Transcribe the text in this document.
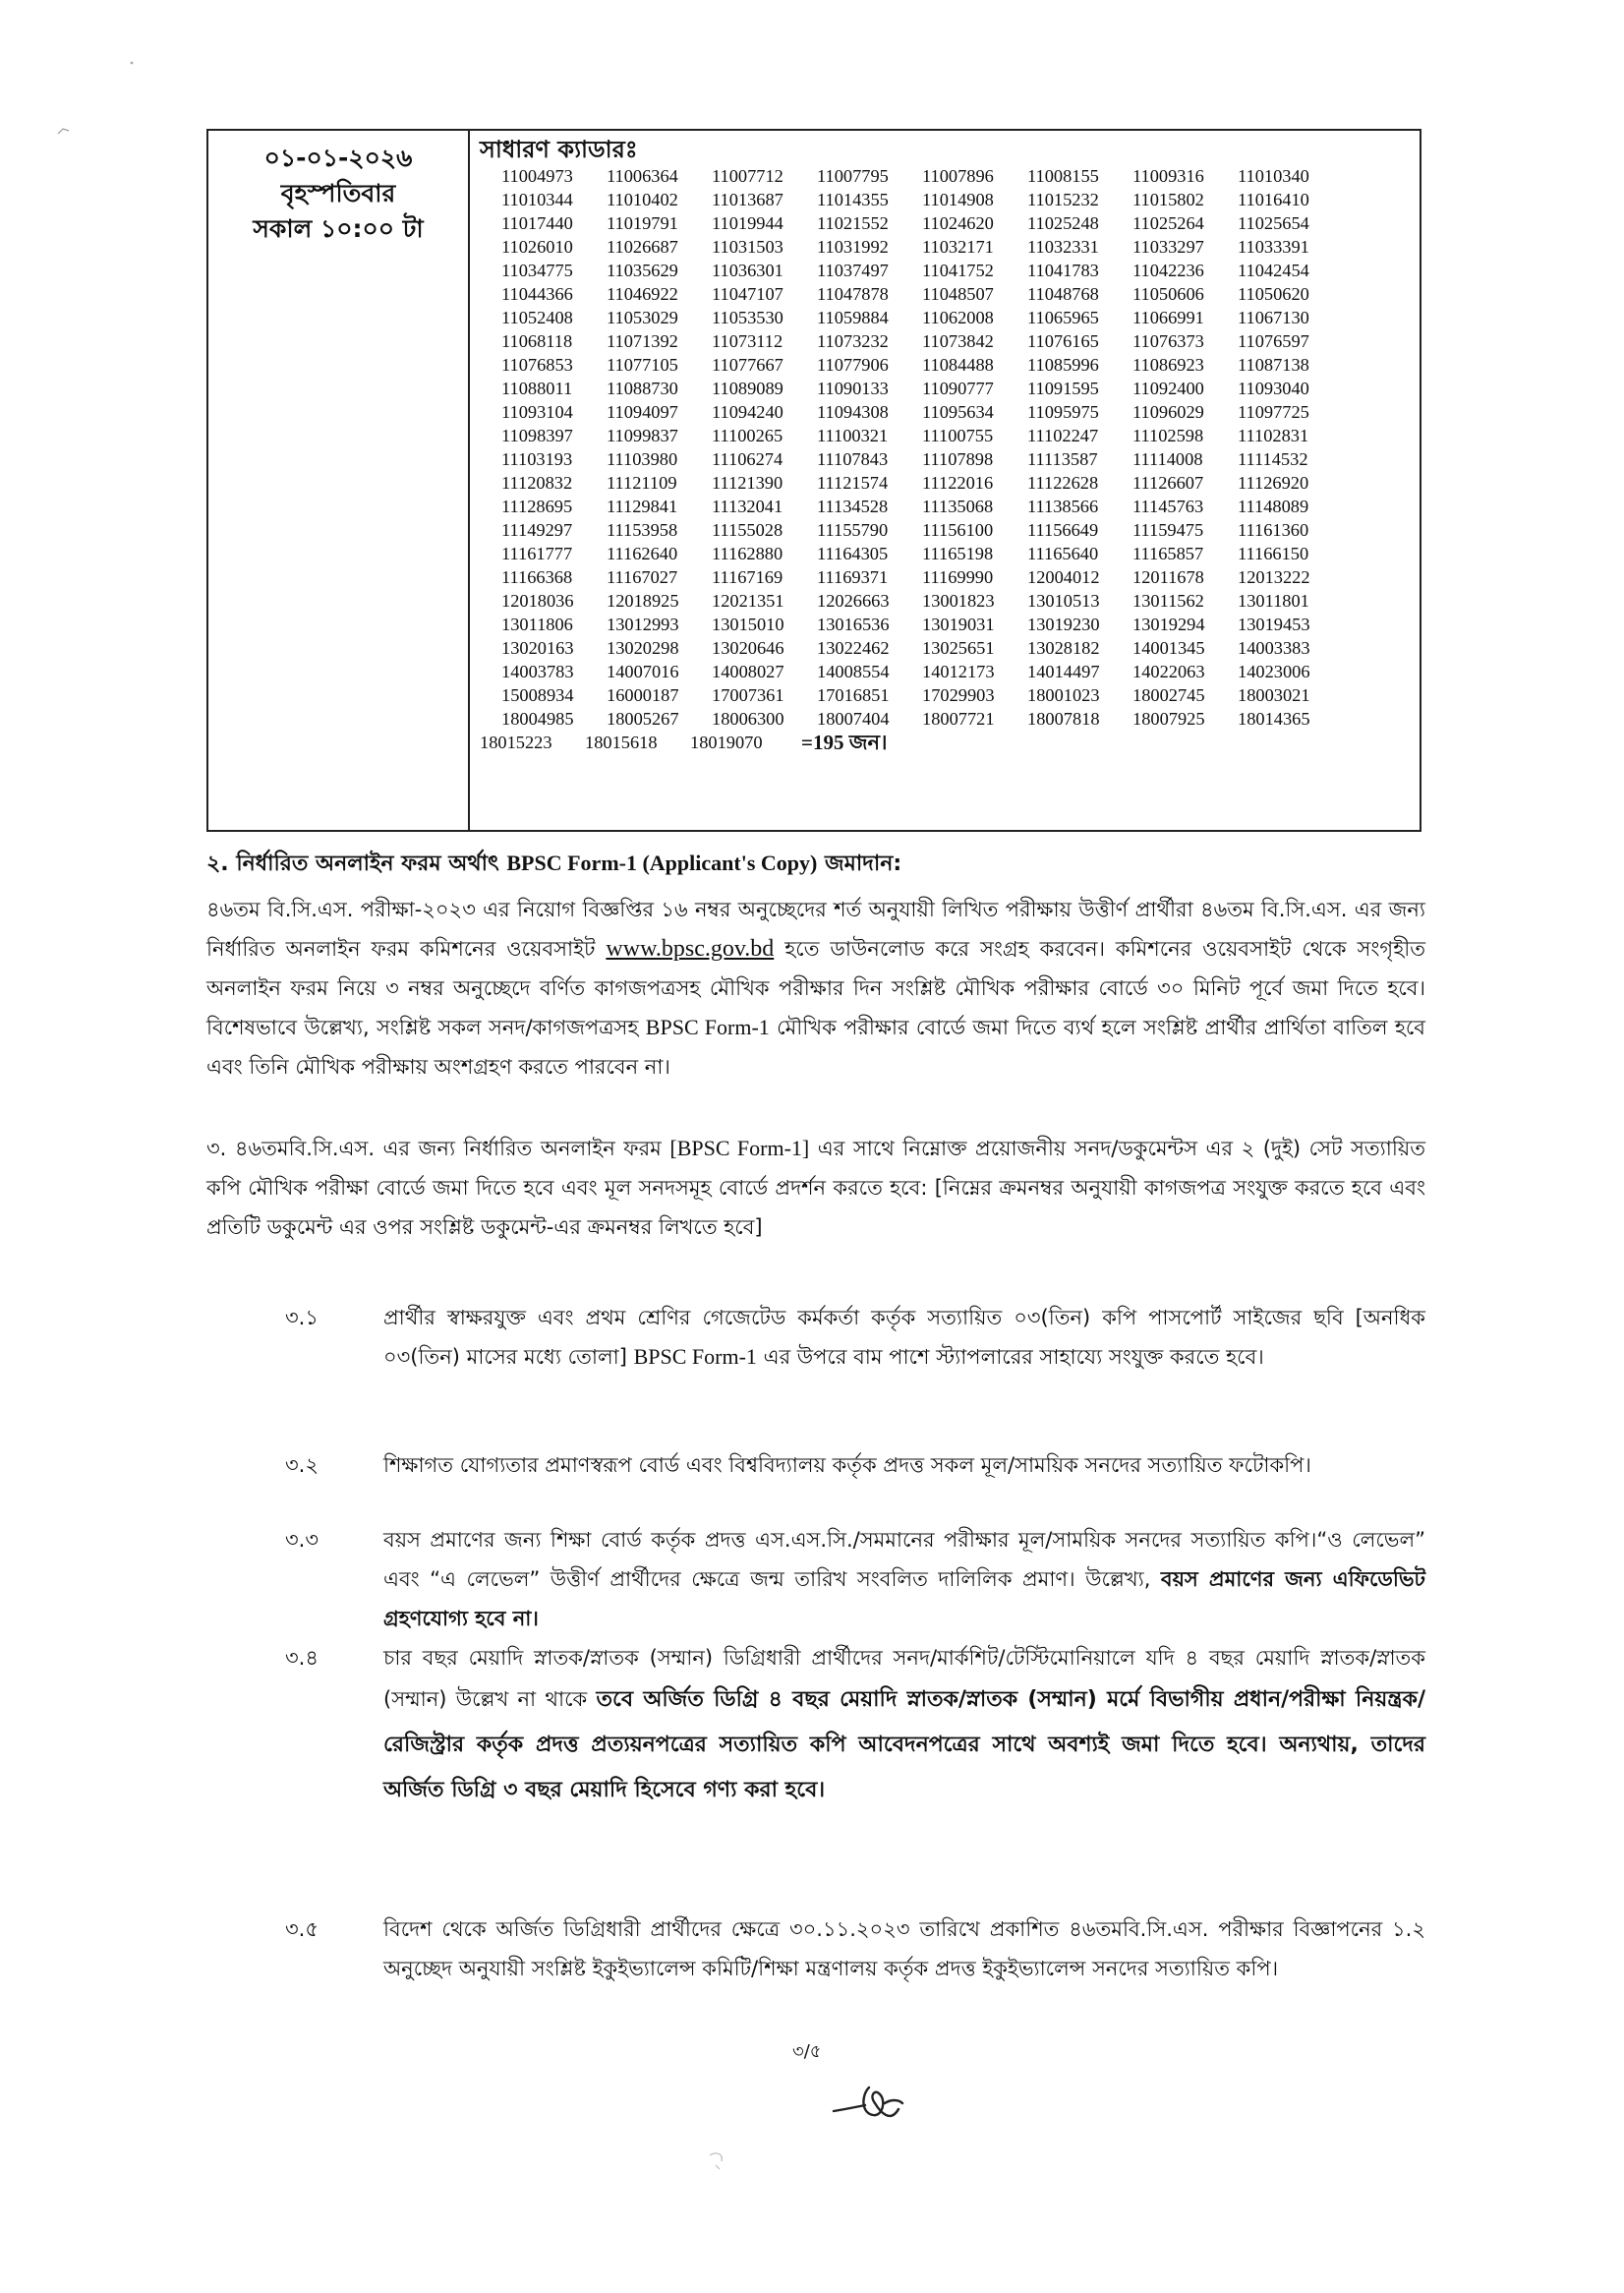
০১-০১-২০২৬
বৃহস্পতিবার
সকাল ১০:০০ টা
সাধারণ ক্যাডারঃ
11004973	11006364	11007712	11007795	11007896	11008155	11009316	11010340
11010344	11010402	11013687	11014355	11014908	11015232	11015802	11016410
11017440	11019791	11019944	11021552	11024620	11025248	11025264	11025654
11026010	11026687	11031503	11031992	11032171	11032331	11033297	11033391
11034775	11035629	11036301	11037497	11041752	11041783	11042236	11042454
11044366	11046922	11047107	11047878	11048507	11048768	11050606	11050620
11052408	11053029	11053530	11059884	11062008	11065965	11066991	11067130
11068118	11071392	11073112	11073232	11073842	11076165	11076373	11076597
11076853	11077105	11077667	11077906	11084488	11085996	11086923	11087138
11088011	11088730	11089089	11090133	11090777	11091595	11092400	11093040
11093104	11094097	11094240	11094308	11095634	11095975	11096029	11097725
11098397	11099837	11100265	11100321	11100755	11102247	11102598	11102831
11103193	11103980	11106274	11107843	11107898	11113587	11114008	11114532
11120832	11121109	11121390	11121574	11122016	11122628	11126607	11126920
11128695	11129841	11132041	11134528	11135068	11138566	11145763	11148089
11149297	11153958	11155028	11155790	11156100	11156649	11159475	11161360
11161777	11162640	11162880	11164305	11165198	11165640	11165857	11166150
11166368	11167027	11167169	11169371	11169990	12004012	12011678	12013222
12018036	12018925	12021351	12026663	13001823	13010513	13011562	13011801
13011806	13012993	13015010	13016536	13019031	13019230	13019294	13019453
13020163	13020298	13020646	13022462	13025651	13028182	14001345	14003383
14003783	14007016	14008027	14008554	14012173	14014497	14022063	14023006
15008934	16000187	17007361	17016851	17029903	18001023	18002745	18003021
18004985	18005267	18006300	18007404	18007721	18007818	18007925	18014365
18015223	18015618	18019070	=195 জন।
২. নির্ধারিত অনলাইন ফরম অর্থাৎ BPSC Form-1 (Applicant's Copy) জমাদান:
৪৬তম বি.সি.এস. পরীক্ষা-২০২৩ এর নিয়োগ বিজ্ঞপ্তির ১৬ নম্বর অনুচ্ছেদের শর্ত অনুযায়ী লিখিত পরীক্ষায় উত্তীর্ণ প্রার্থীরা ৪৬তম বি.সি.এস. এর জন্য নির্ধারিত অনলাইন ফরম কমিশনের ওয়েবসাইট www.bpsc.gov.bd হতে ডাউনলোড করে সংগ্রহ করবেন। কমিশনের ওয়েবসাইট থেকে সংগৃহীত অনলাইন ফরম নিয়ে ৩ নম্বর অনুচ্ছেদে বর্ণিত কাগজপত্রসহ মৌখিক পরীক্ষার দিন সংশ্লিষ্ট মৌখিক পরীক্ষার বোর্ডে ৩০ মিনিট পূর্বে জমা দিতে হবে। বিশেষভাবে উল্লেখ্য, সংশ্লিষ্ট সকল সনদ/কাগজপত্রসহ BPSC Form-1 মৌখিক পরীক্ষার বোর্ডে জমা দিতে ব্যর্থ হলে সংশ্লিষ্ট প্রার্থীর প্রার্থিতা বাতিল হবে এবং তিনি মৌখিক পরীক্ষায় অংশগ্রহণ করতে পারবেন না।
৩. ৪৬তমবি.সি.এস. এর জন্য নির্ধারিত অনলাইন ফরম [BPSC Form-1] এর সাথে নিম্নোক্ত প্রয়োজনীয় সনদ/ডকুমেন্টস এর ২ (দুই) সেট সত্যায়িত কপি মৌখিক পরীক্ষা বোর্ডে জমা দিতে হবে এবং মূল সনদসমূহ বোর্ডে প্রদর্শন করতে হবে: [নিম্নের ক্রমনম্বর অনুযায়ী কাগজপত্র সংযুক্ত করতে হবে এবং প্রতিটি ডকুমেন্ট এর ওপর সংশ্লিষ্ট ডকুমেন্ট-এর ক্রমনম্বর লিখতে হবে]
৩.১	প্রার্থীর স্বাক্ষরযুক্ত এবং প্রথম শ্রেণির গেজেটেড কর্মকর্তা কর্তৃক সত্যায়িত ০৩(তিন) কপি পাসপোর্ট সাইজের ছবি [অনধিক ০৩(তিন) মাসের মধ্যে তোলা] BPSC Form-1 এর উপরে বাম পাশে স্ট্যাপলারের সাহায্যে সংযুক্ত করতে হবে।
৩.২	শিক্ষাগত যোগ্যতার প্রমাণস্বরূপ বোর্ড এবং বিশ্ববিদ্যালয় কর্তৃক প্রদত্ত সকল মূল/সাময়িক সনদের সত্যায়িত ফটোকপি।
৩.৩	বয়স প্রমাণের জন্য শিক্ষা বোর্ড কর্তৃক প্রদত্ত এস.এস.সি./সমমানের পরীক্ষার মূল/সাময়িক সনদের সত্যায়িত কপি।“ও লেভেল” এবং “এ লেভেল” উত্তীর্ণ প্রার্থীদের ক্ষেত্রে জন্ম তারিখ সংবলিত দালিলিক প্রমাণ। উল্লেখ্য, বয়স প্রমাণের জন্য এফিডেভিট গ্রহণযোগ্য হবে না।
৩.৪	চার বছর মেয়াদি স্নাতক/স্নাতক (সম্মান) ডিগ্রিধারী প্রার্থীদের সনদ/মার্কশিট/টেস্টিমোনিয়ালে যদি ৪ বছর মেয়াদি স্নাতক/স্নাতক (সম্মান) উল্লেখ না থাকে তবে অর্জিত ডিগ্রি ৪ বছর মেয়াদি স্নাতক/স্নাতক (সম্মান) মর্মে বিভাগীয় প্রধান/পরীক্ষা নিয়ন্ত্রক/রেজিস্ট্রার কর্তৃক প্রদত্ত প্রত্যয়নপত্রের সত্যায়িত কপি আবেদনপত্রের সাথে অবশ্যই জমা দিতে হবে। অন্যথায়, তাদের অর্জিত ডিগ্রি ৩ বছর মেয়াদি হিসেবে গণ্য করা হবে।
৩.৫	বিদেশ থেকে অর্জিত ডিগ্রিধারী প্রার্থীদের ক্ষেত্রে ৩০.১১.২০২৩ তারিখে প্রকাশিত ৪৬তমবি.সি.এস. পরীক্ষার বিজ্ঞাপনের ১.২ অনুচ্ছেদ অনুযায়ী সংশ্লিষ্ট ইকুইভ্যালেন্স কমিটি/শিক্ষা মন্ত্রণালয় কর্তৃক প্রদত্ত ইকুইভ্যালেন্স সনদের সত্যায়িত কপি।
৩/৫
